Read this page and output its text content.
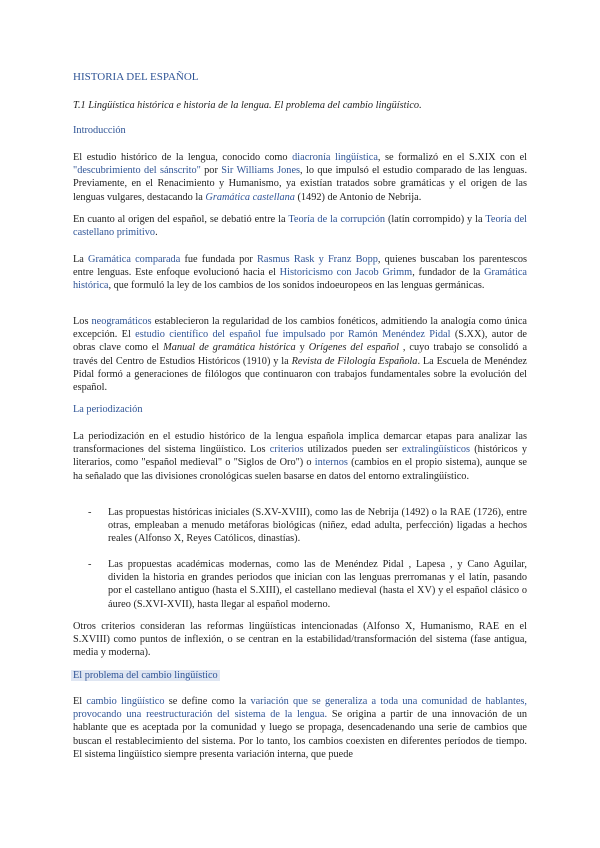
HISTORIA DEL ESPAÑOL

T.1 Lingüística histórica e historia de la lengua. El problema del cambio lingüístico.

Introducción

El estudio histórico de la lengua, conocido como diacronía lingüística, se formalizó en el S.XIX con el "descubrimiento del sánscrito" por Sir Williams Jones, lo que impulsó el estudio comparado de las lenguas. Previamente, en el Renacimiento y Humanismo, ya existían tratados sobre gramáticas y el origen de las lenguas vulgares, destacando la Gramática castellana (1492) de Antonio de Nebrija.

En cuanto al origen del español, se debatió entre la Teoría de la corrupción (latín corrompido) y la Teoría del castellano primitivo.

La Gramática comparada fue fundada por Rasmus Rask y Franz Bopp, quienes buscaban los parentescos entre lenguas. Este enfoque evolucionó hacia el Historicismo con Jacob Grimm, fundador de la Gramática histórica, que formuló la ley de los cambios de los sonidos indoeuropeos en las lenguas germánicas.

Los neogramáticos establecieron la regularidad de los cambios fonéticos, admitiendo la analogía como única excepción. El estudio científico del español fue impulsado por Ramón Menéndez Pidal (S.XX), autor de obras clave como el Manual de gramática histórica y Orígenes del español , cuyo trabajo se consolidó a través del Centro de Estudios Históricos (1910) y la Revista de Filología Española. La Escuela de Menéndez Pidal formó a generaciones de filólogos que continuaron con trabajos fundamentales sobre la evolución del español.

La periodización

La periodización en el estudio histórico de la lengua española implica demarcar etapas para analizar las transformaciones del sistema lingüístico. Los criterios utilizados pueden ser extralingüísticos (históricos y literarios, como "español medieval" o "Siglos de Oro") o internos (cambios en el propio sistema), aunque se ha señalado que las divisiones cronológicas suelen basarse en datos del entorno extralingüístico.

- Las propuestas históricas iniciales (S.XV-XVIII), como las de Nebrija (1492) o la RAE (1726), entre otras, empleaban a menudo metáforas biológicas (niñez, edad adulta, perfección) ligadas a hechos reales (Alfonso X, Reyes Católicos, dinastías).

- Las propuestas académicas modernas, como las de Menéndez Pidal , Lapesa , y Cano Aguilar, dividen la historia en grandes periodos que inician con las lenguas prerromanas y el latín, pasando por el castellano antiguo (hasta el S.XIII), el castellano medieval (hasta el XV) y el español clásico o áureo (S.XVI-XVII), hasta llegar al español moderno.

Otros criterios consideran las reformas lingüísticas intencionadas (Alfonso X, Humanismo, RAE en el S.XVIII) como puntos de inflexión, o se centran en la estabilidad/transformación del sistema (fase antigua, media y moderna).

El problema del cambio lingüístico

El cambio lingüístico se define como la variación que se generaliza a toda una comunidad de hablantes, provocando una reestructuración del sistema de la lengua. Se origina a partir de una innovación de un hablante que es aceptada por la comunidad y luego se propaga, desencadenando una serie de cambios que buscan el restablecimiento del sistema. Por lo tanto, los cambios coexisten en diferentes períodos de tiempo. El sistema lingüístico siempre presenta variación interna, que puede
